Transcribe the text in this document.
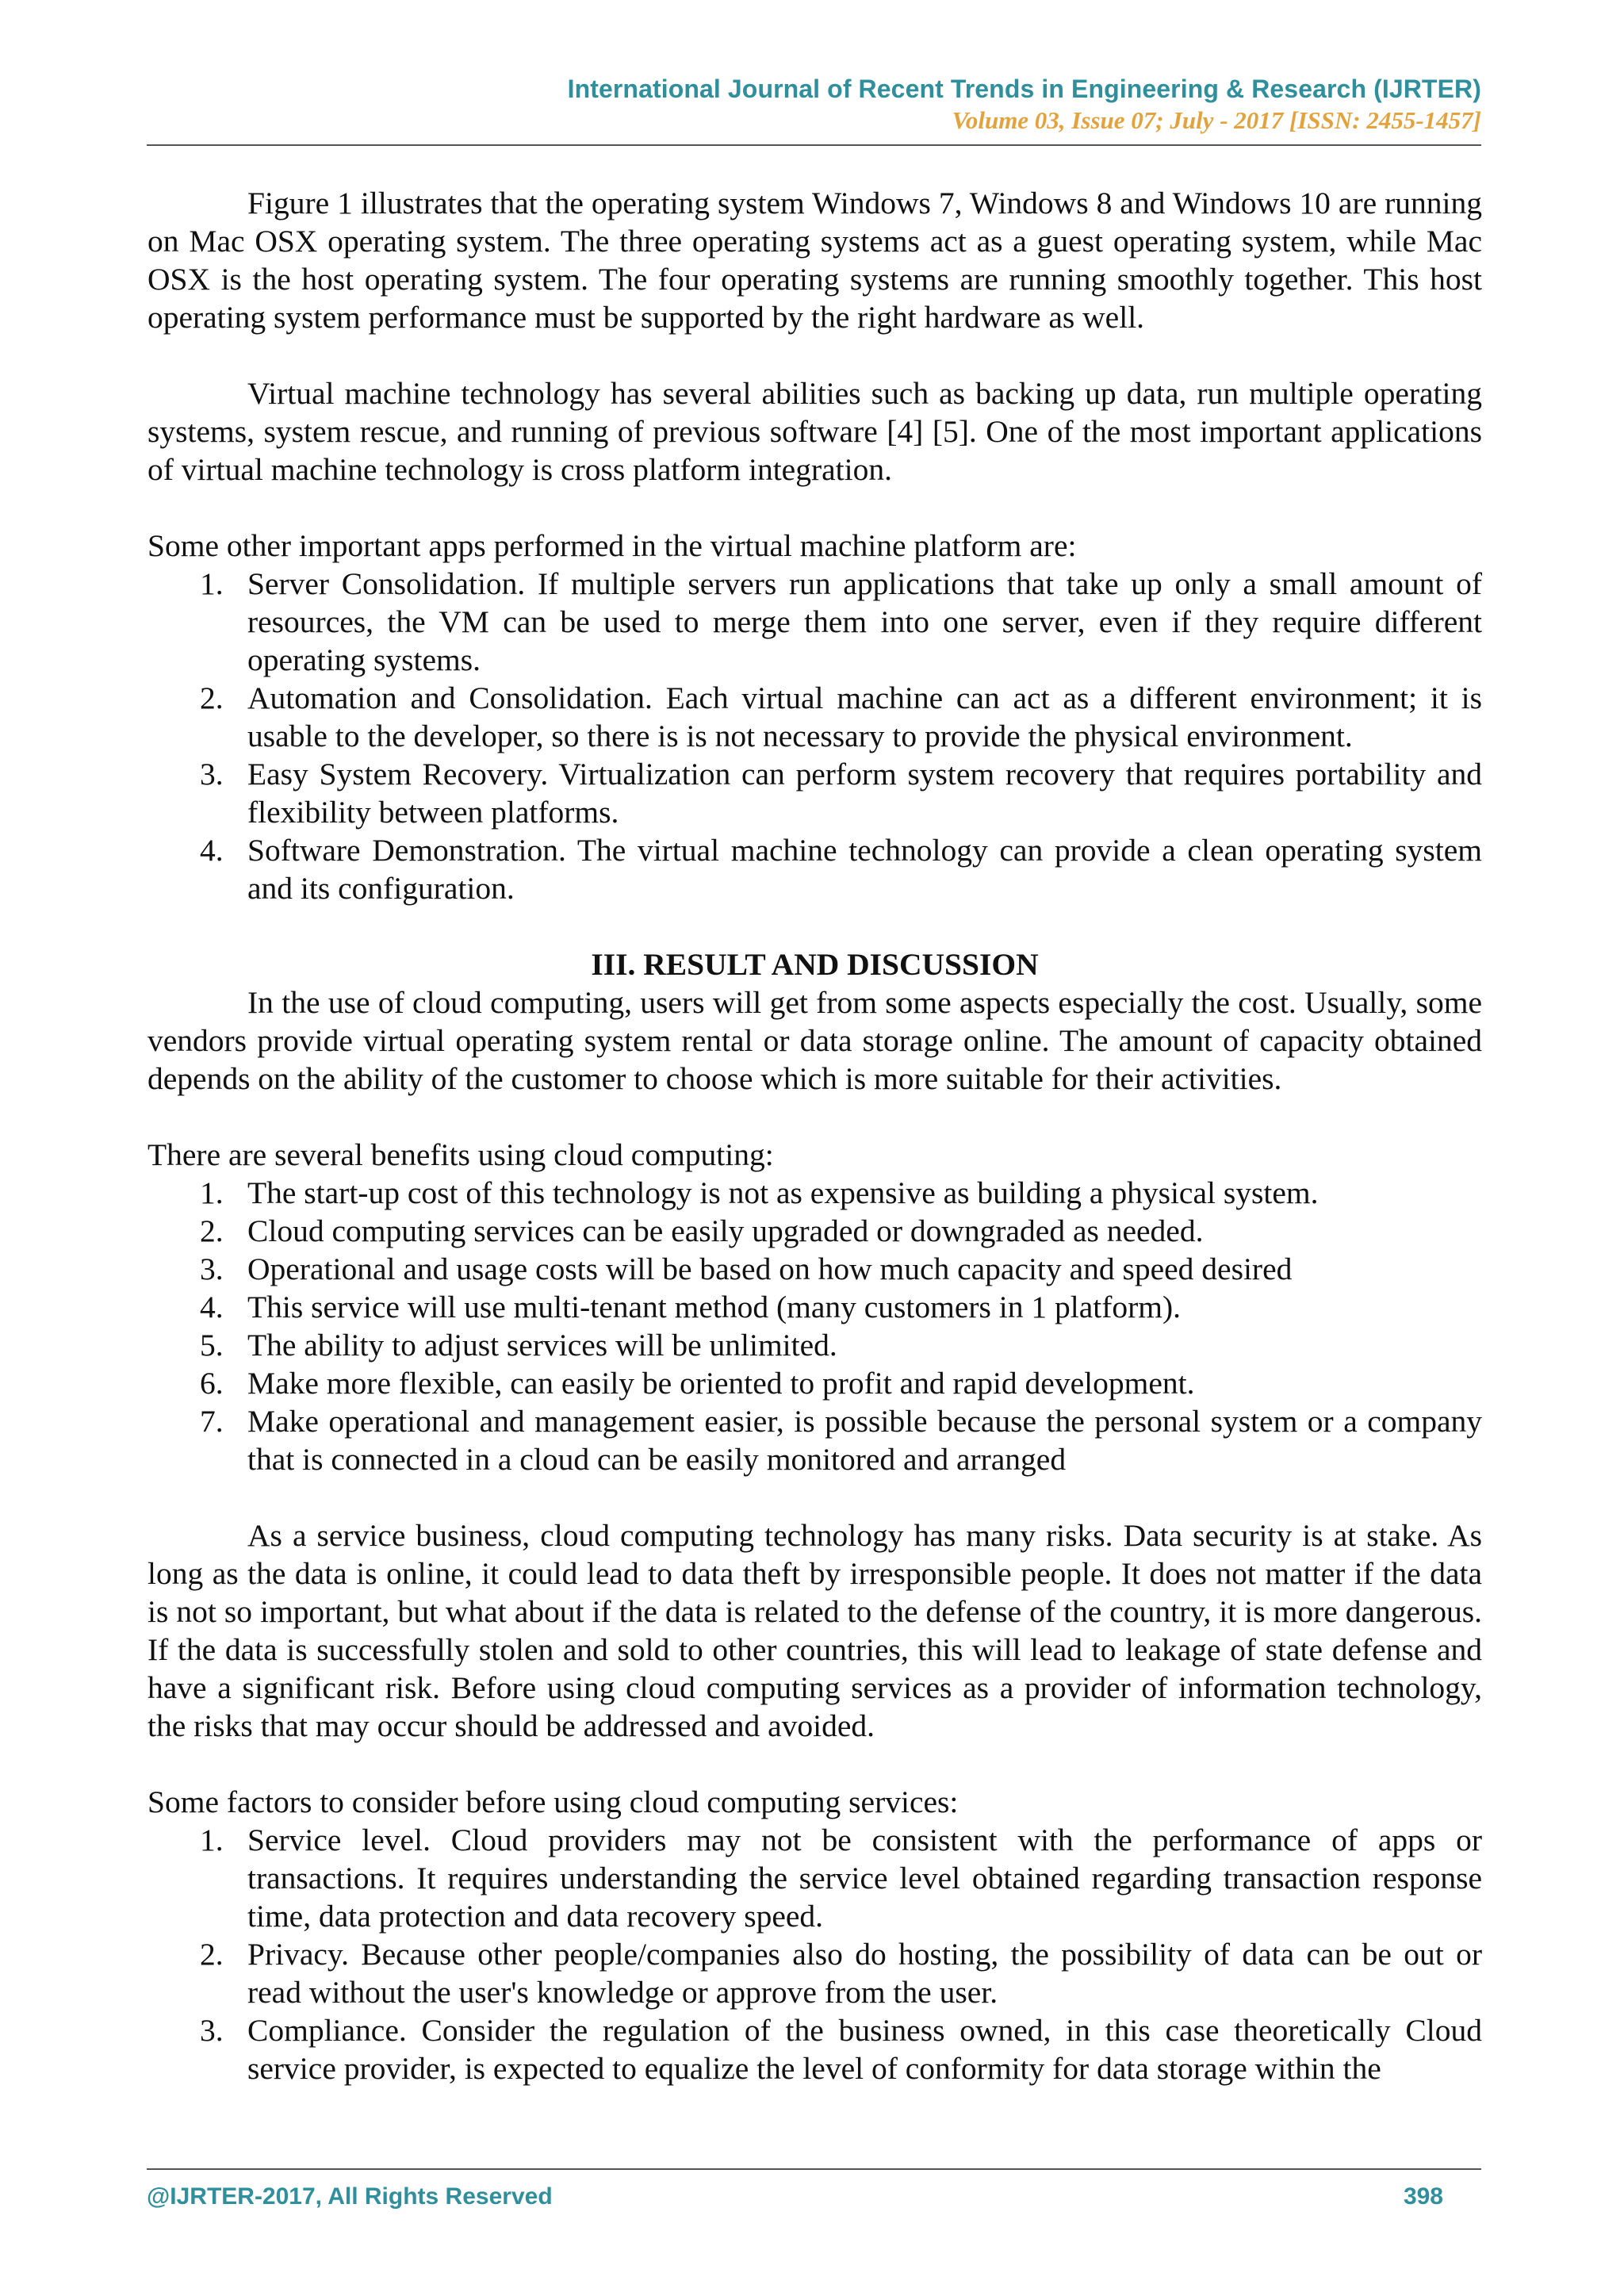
International Journal of Recent Trends in Engineering & Research (IJRTER)
Volume 03, Issue 07; July - 2017 [ISSN: 2455-1457]

Figure 1 illustrates that the operating system Windows 7, Windows 8 and Windows 10 are running on Mac OSX operating system. The three operating systems act as a guest operating system, while Mac OSX is the host operating system. The four operating systems are running smoothly together. This host operating system performance must be supported by the right hardware as well.

Virtual machine technology has several abilities such as backing up data, run multiple operating systems, system rescue, and running of previous software [4] [5]. One of the most important applications of virtual machine technology is cross platform integration.

Some other important apps performed in the virtual machine platform are:

1. Server Consolidation. If multiple servers run applications that take up only a small amount of resources, the VM can be used to merge them into one server, even if they require different operating systems.
2. Automation and Consolidation. Each virtual machine can act as a different environment; it is usable to the developer, so there is is not necessary to provide the physical environment.
3. Easy System Recovery. Virtualization can perform system recovery that requires portability and flexibility between platforms.
4. Software Demonstration. The virtual machine technology can provide a clean operating system and its configuration.

III. RESULT AND DISCUSSION

In the use of cloud computing, users will get from some aspects especially the cost. Usually, some vendors provide virtual operating system rental or data storage online. The amount of capacity obtained depends on the ability of the customer to choose which is more suitable for their activities.

There are several benefits using cloud computing:

1. The start-up cost of this technology is not as expensive as building a physical system.
2. Cloud computing services can be easily upgraded or downgraded as needed.
3. Operational and usage costs will be based on how much capacity and speed desired
4. This service will use multi-tenant method (many customers in 1 platform).
5. The ability to adjust services will be unlimited.
6. Make more flexible, can easily be oriented to profit and rapid development.
7. Make operational and management easier, is possible because the personal system or a company that is connected in a cloud can be easily monitored and arranged

As a service business, cloud computing technology has many risks. Data security is at stake. As long as the data is online, it could lead to data theft by irresponsible people. It does not matter if the data is not so important, but what about if the data is related to the defense of the country, it is more dangerous. If the data is successfully stolen and sold to other countries, this will lead to leakage of state defense and have a significant risk. Before using cloud computing services as a provider of information technology, the risks that may occur should be addressed and avoided.

Some factors to consider before using cloud computing services:

1. Service level. Cloud providers may not be consistent with the performance of apps or transactions. It requires understanding the service level obtained regarding transaction response time, data protection and data recovery speed.
2. Privacy. Because other people/companies also do hosting, the possibility of data can be out or read without the user's knowledge or approve from the user.
3. Compliance. Consider the regulation of the business owned, in this case theoretically Cloud service provider, is expected to equalize the level of conformity for data storage within the
@IJRTER-2017, All Rights Reserved	398
